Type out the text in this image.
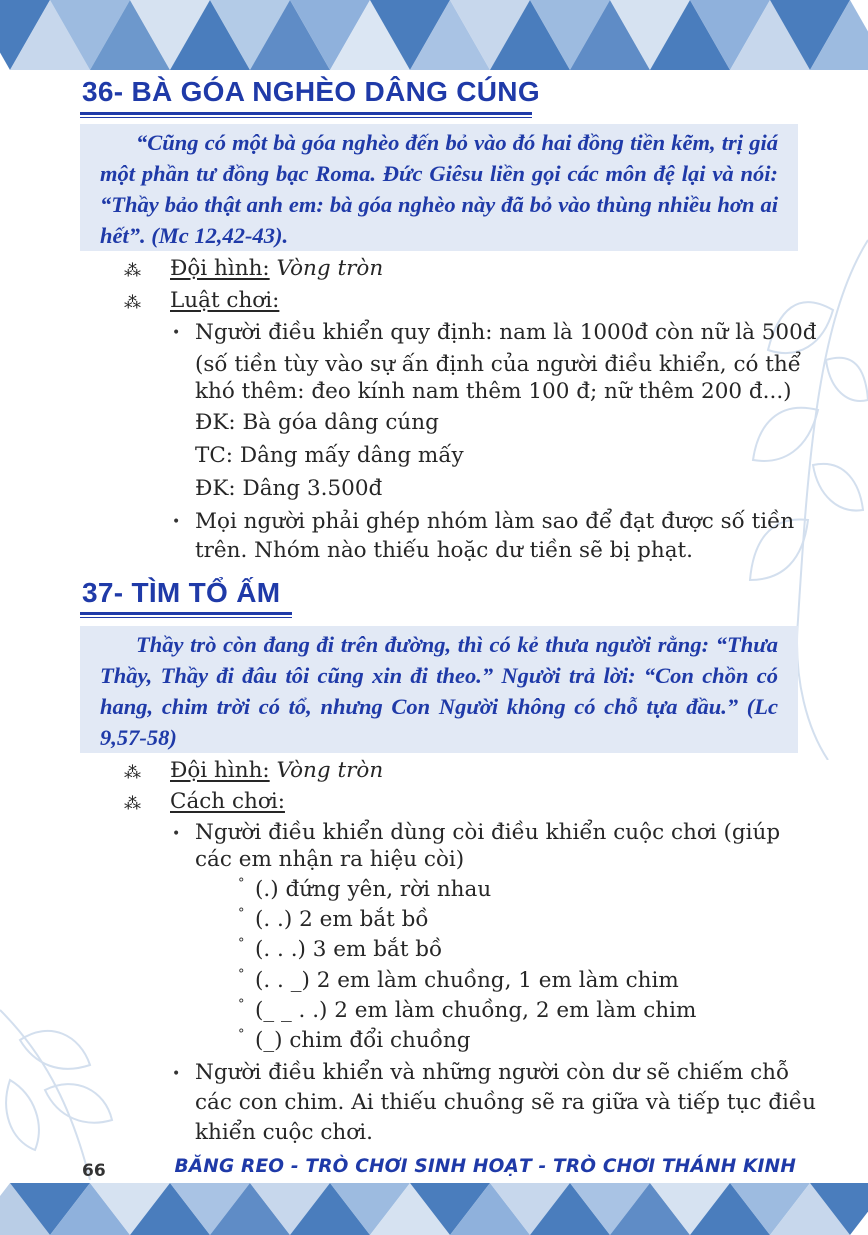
36- BÀ GÓA NGHÈO DÂNG CÚNG
“Cũng có một bà góa nghèo đến bỏ vào đó hai đồng tiền kẽm, trị giá một phần tư đồng bạc Roma. Đức Giêsu liền gọi các môn đệ lại và nói: “Thầy bảo thật anh em: bà góa nghèo này đã bỏ vào thùng nhiều hơn ai hết”. (Mc 12,42-43).
⁂ Đội hình: Vòng tròn
⁂ Luật chơi:
• Người điều khiển quy định: nam là 1000đ còn nữ là 500đ
(số tiền tùy vào sự ấn định của người điều khiển, có thể
khó thêm: đeo kính nam thêm 100 đ; nữ thêm 200 đ...)
ĐK: Bà góa dâng cúng
TC: Dâng mấy dâng mấy
ĐK: Dâng 3.500đ
• Mọi người phải ghép nhóm làm sao để đạt được số tiền
trên. Nhóm nào thiếu hoặc dư tiền sẽ bị phạt.
37- TÌM TỔ ẤM
Thầy trò còn đang đi trên đường, thì có kẻ thưa người rằng: “Thưa Thầy, Thầy đi đâu tôi cũng xin đi theo.” Người trả lời: “Con chồn có hang, chim trời có tổ, nhưng Con Người không có chỗ tựa đầu.” (Lc 9,57-58)
⁂ Đội hình: Vòng tròn
⁂ Cách chơi:
• Người điều khiển dùng còi điều khiển cuộc chơi (giúp
các em nhận ra hiệu còi)
° (.) đứng yên, rời nhau
° (. .) 2 em bắt bồ
° (. . .) 3 em bắt bồ
° (. . _) 2 em làm chuồng, 1 em làm chim
° (_ _ . .) 2 em làm chuồng, 2 em làm chim
° (_) chim đổi chuồng
• Người điều khiển và những người còn dư sẽ chiếm chỗ
các con chim. Ai thiếu chuồng sẽ ra giữa và tiếp tục điều
khiển cuộc chơi.
66	BĂNG REO - TRÒ CHƠI SINH HOẠT - TRÒ CHƠI THÁNH KINH
